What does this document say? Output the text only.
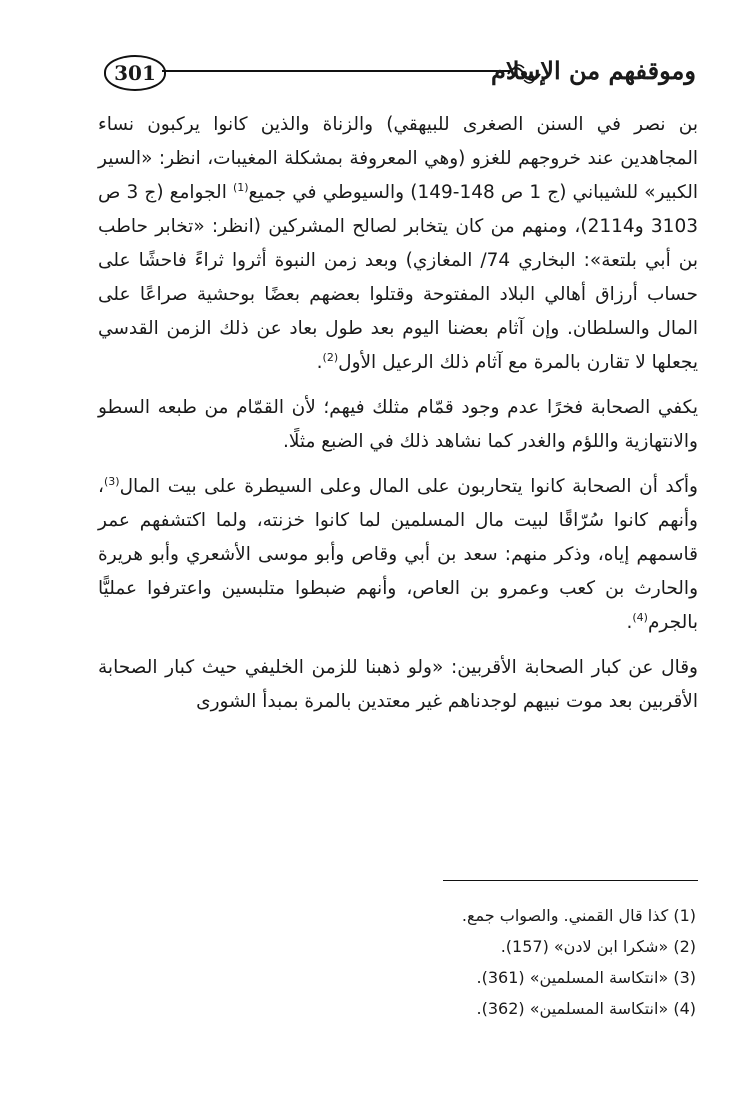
301	وموقفهم من الإسلام

بن نصر في السنن الصغرى للبيهقي) والزناة والذين كانوا يركبون نساء المجاهدين عند خروجهم للغزو (وهي المعروفة بمشكلة المغيبات، انظر: «السير الكبير» للشيباني (ج 1 ص 148-149) والسيوطي في جميع$^{(1)}$ الجوامع (ج 3 ص 3103 و2114)، ومنهم من كان يتخابر لصالح المشركين (انظر: «تخابر حاطب بن أبي بلتعة»: البخاري 74/ المغازي) وبعد زمن النبوة أثروا ثراءً فاحشًا على حساب أرزاق أهالي البلاد المفتوحة وقتلوا بعضهم بعضًا بوحشية صراعًا على المال والسلطان. وإن آثام بعضنا اليوم بعد طول بعاد عن ذلك الزمن القدسي يجعلها لا تقارن بالمرة مع آثام ذلك الرعيل الأول$^{(2)}$.

يكفي الصحابة فخرًا عدم وجود قمّام مثلك فيهم؛ لأن القمّام من طبعه السطو والانتهازية واللؤم والغدر كما نشاهد ذلك في الضبع مثلًا.

وأكد أن الصحابة كانوا يتحاربون على المال وعلى السيطرة على بيت المال$^{(3)}$، وأنهم كانوا سُرّاقًا لبيت مال المسلمين لما كانوا خزنته، ولما اكتشفهم عمر قاسمهم إياه، وذكر منهم: سعد بن أبي وقاص وأبو موسى الأشعري وأبو هريرة والحارث بن كعب وعمرو بن العاص، وأنهم ضبطوا متلبسين واعترفوا عمليًّا بالجرم$^{(4)}$.

وقال عن كبار الصحابة الأقربين: «ولو ذهبنا للزمن الخليفي حيث كبار الصحابة الأقربين بعد موت نبيهم لوجدناهم غير معتدين بالمرة بمبدأ الشورى

(1) كذا قال القمني. والصواب جمع.

(2) «شكرا ابن لادن» (157).

(3) «انتكاسة المسلمين» (361).

(4) «انتكاسة المسلمين» (362).
